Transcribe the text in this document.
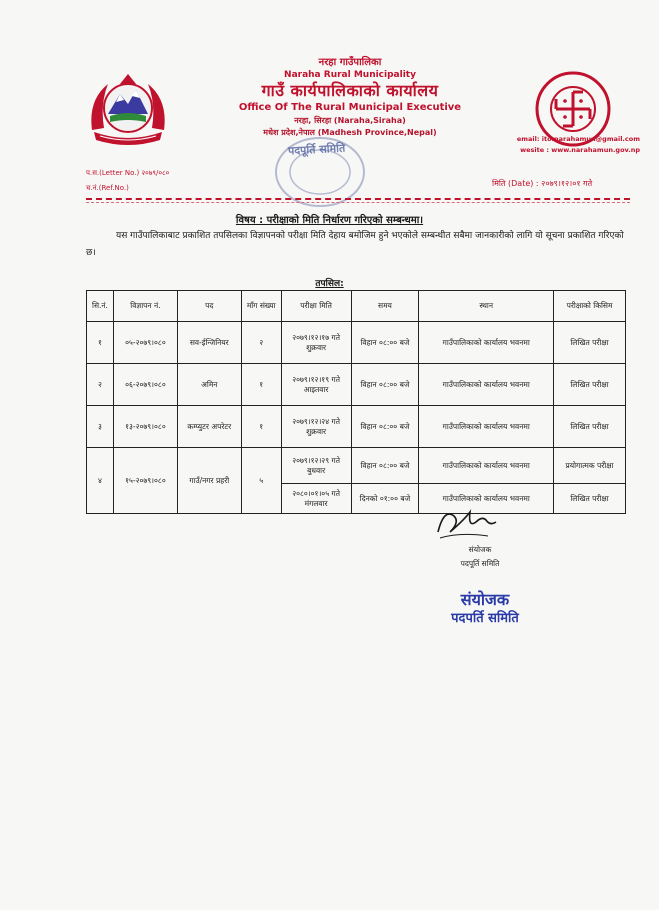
नरहा गाउँपालिका
Naraha Rural Municipality
गाउँ कार्यपालिकाको कार्यालय
Office Of The Rural Municipal Executive
नरहा, सिरहा (Naraha,Siraha)
मधेश प्रदेश,नेपाल (Madhesh Province,Nepal)
email: ito.narahamun@gmail.com
wesite : www.narahamun.gov.np
पदपूर्ति समिति
प.स.(Letter No.) २०७९/०८०
च.नं.(Ref.No.)	मिति (Date) : २०७९।१२।०१ गते
विषय : परीक्षाको मिति निर्धारण गरिएको सम्बन्धमा।
यस गाउँपालिकाबाट प्रकाशित तपसिलका विज्ञापनको परीक्षा मिति देहाय बमोजिम हुने भएकोले सम्बन्धीत सबैमा जानकारीको लागि यो सूचना प्रकाशित गरिएको छ।
तपसिल:
सि.नं.	विज्ञापन नं.	पद	माँग संख्या	परीक्षा मिति	समय	स्थान	परीक्षाको किसिम
१	०५-२०७९।०८०	सव-ईन्जिनियर	२	२०७९।१२।१७ गते शुक्रवार	विहान ०८:०० बजे	गाउँपालिकाको कार्यालय भवनमा	लिखित परीक्षा
२	०६-२०७९।०८०	अमिन	१	२०७९।१२।१९ गते आइतवार	विहान ०८:०० बजे	गाउँपालिकाको कार्यालय भवनमा	लिखित परीक्षा
३	१३-२०७९।०८०	कम्प्युटर अपरेटर	१	२०७९।१२।२४ गते शुक्रवार	विहान ०८:०० बजे	गाउँपालिकाको कार्यालय भवनमा	लिखित परीक्षा
४	१५-२०७९।०८०	गाउँ/नगर प्रहरी	५	२०७९।१२।२९ गते बुधवार	विहान ०८:०० बजे	गाउँपालिकाको कार्यालय भवनमा	प्रयोगात्मक परीक्षा
				२०८०।०१।०५ गते मंगलवार	दिनको ०१:०० बजे	गाउँपालिकाको कार्यालय भवनमा	लिखित परीक्षा
संयोजक
पदपूर्ति समिति
संयोजक
पदपर्ति समिति
